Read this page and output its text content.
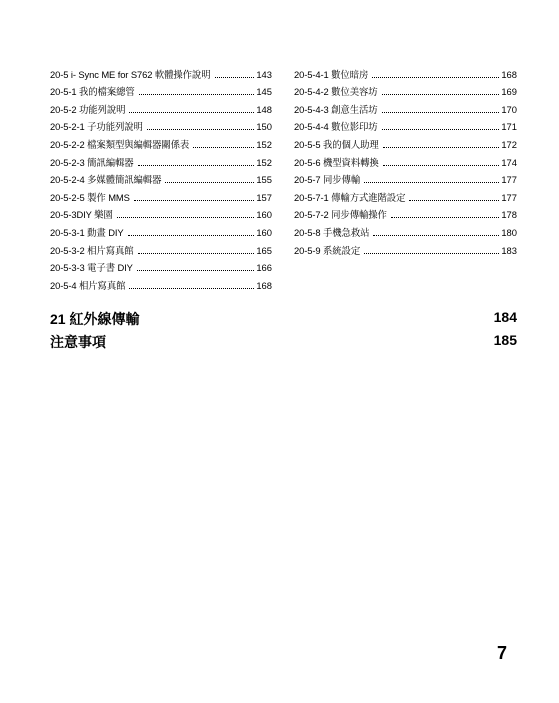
20-5 i- Sync ME for S762 軟體操作說明	143
20-5-1 我的檔案總管	145
20-5-2 功能列說明	148
20-5-2-1 子功能列說明	150
20-5-2-2 檔案類型與編輯器關係表	152
20-5-2-3 簡訊編輯器	152
20-5-2-4 多媒體簡訊編輯器	155
20-5-2-5 製作 MMS	157
20-5-3DIY 樂園	160
20-5-3-1 動畫 DIY	160
20-5-3-2 相片寫真館	165
20-5-3-3 電子書 DIY	166
20-5-4 相片寫真館	168
20-5-4-1 數位暗房	168
20-5-4-2 數位美容坊	169
20-5-4-3 創意生活坊	170
20-5-4-4 數位影印坊	171
20-5-5 我的個人助理	172
20-5-6 機型資料轉換	174
20-5-7 同步傳輸	177
20-5-7-1 傳輸方式進階設定	177
20-5-7-2 同步傳輸操作	178
20-5-8 手機急救站	180
20-5-9 系統設定	183
21 紅外線傳輸	184
注意事項	185
7
